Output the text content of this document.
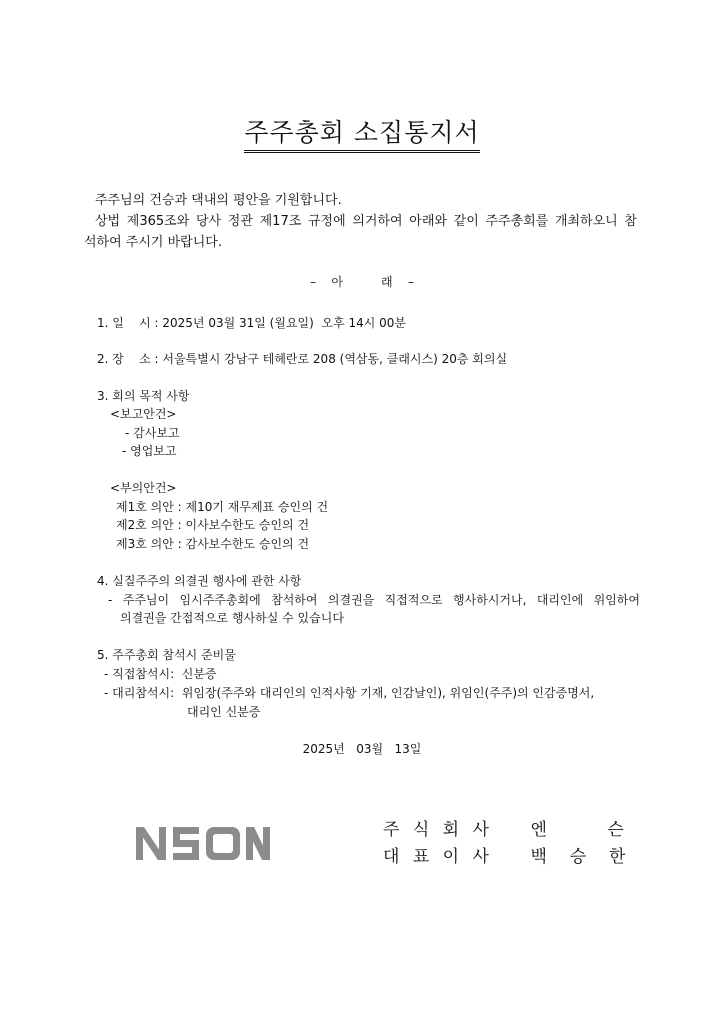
주주총회 소집통지서
주주님의 건승과 댁내의 평안을 기원합니다.
상법 제365조와 당사 정관 제17조 규정에 의거하여 아래와 같이 주주총회를 개최하오니 참
석하여 주시기 바랍니다.
–    아          래    –
1. 일    시 : 2025년 03월 31일 (월요일)  오후 14시 00분
2. 장    소 : 서울특별시 강남구 테헤란로 208 (역삼동, 클래시스) 20층 회의실
3. 회의 목적 사항
<보고안건>
- 감사보고
- 영업보고
<부의안건>
제1호 의안 : 제10기 재무제표 승인의 건
제2호 의안 : 이사보수한도 승인의 건
제3호 의안 : 감사보수한도 승인의 건
4. 실질주주의 의결권 행사에 관한 사항
- 주주님이 임시주주총회에 참석하여 의결권을 직접적으로 행사하시거나, 대리인에 위임하여
의결권을 간접적으로 행사하실 수 있습니다
5. 주주총회 참석시 준비물
- 직접참석시:  신분증
- 대리참석시:  위임장(주주와 대리인의 인적사항 기재, 인감날인), 위임인(주주)의 인감증명서,
대리인 신분증
2025년   03월   13일
주 식 회 사    엔      슨
대 표 이 사    백  승  한
